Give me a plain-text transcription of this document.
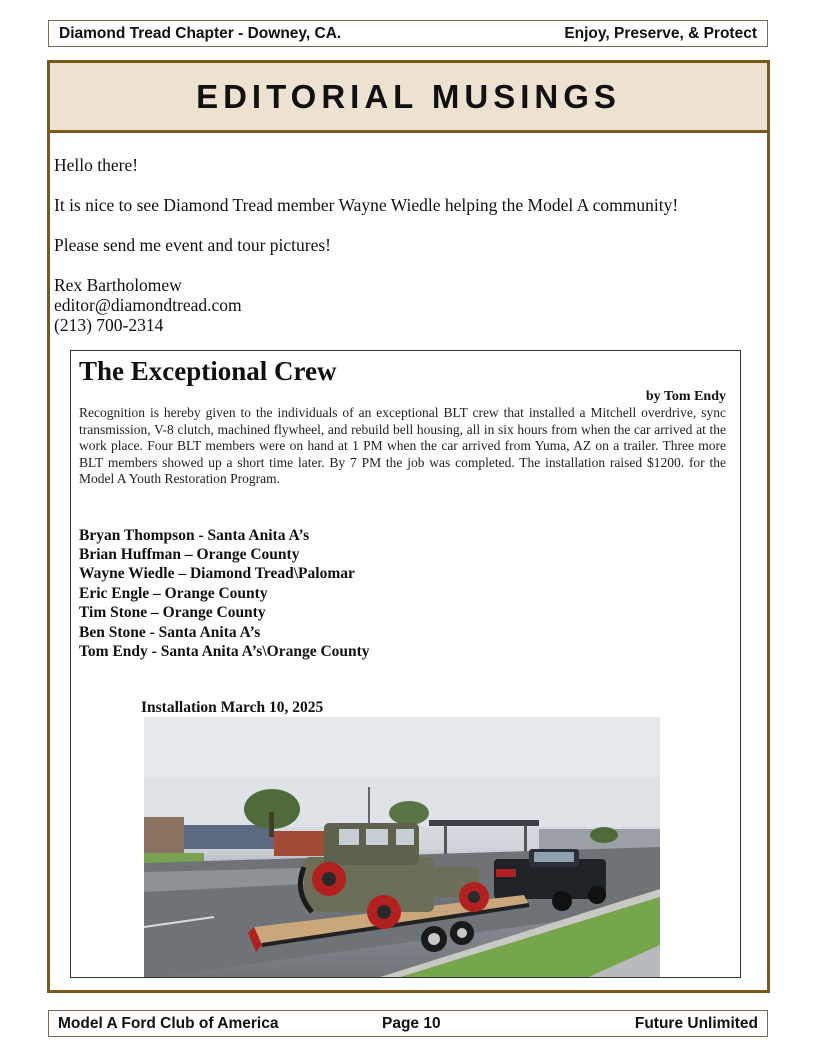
Diamond Tread Chapter - Downey, CA.	Enjoy, Preserve, & Protect
EDITORIAL MUSINGS

Hello there!

It is nice to see Diamond Tread member Wayne Wiedle helping the Model A community!

Please send me event and tour pictures!

Rex Bartholomew

editor@diamondtread.com

(213) 700-2314

The Exceptional Crew
by Tom Endy
Recognition is hereby given to the individuals of an exceptional BLT crew that installed a Mitchell overdrive, sync transmission, V-8 clutch, machined flywheel, and rebuild bell housing, all in six hours from when the car arrived at the work place. Four BLT members were on hand at 1 PM when the car arrived from Yuma, AZ on a trailer. Three more BLT members showed up a short time later. By 7 PM the job was completed. The installation raised $1200. for the Model A Youth Restoration Program.
Bryan Thompson - Santa Anita A’s
Brian Huffman – Orange County
Wayne Wiedle – Diamond Tread\Palomar
Eric Engle – Orange County
Tim Stone – Orange County
Ben Stone - Santa Anita A’s
Tom Endy - Santa Anita A’s\Orange County
Installation March 10, 2025
Model A Ford Club of America	Page 10	Future Unlimited
